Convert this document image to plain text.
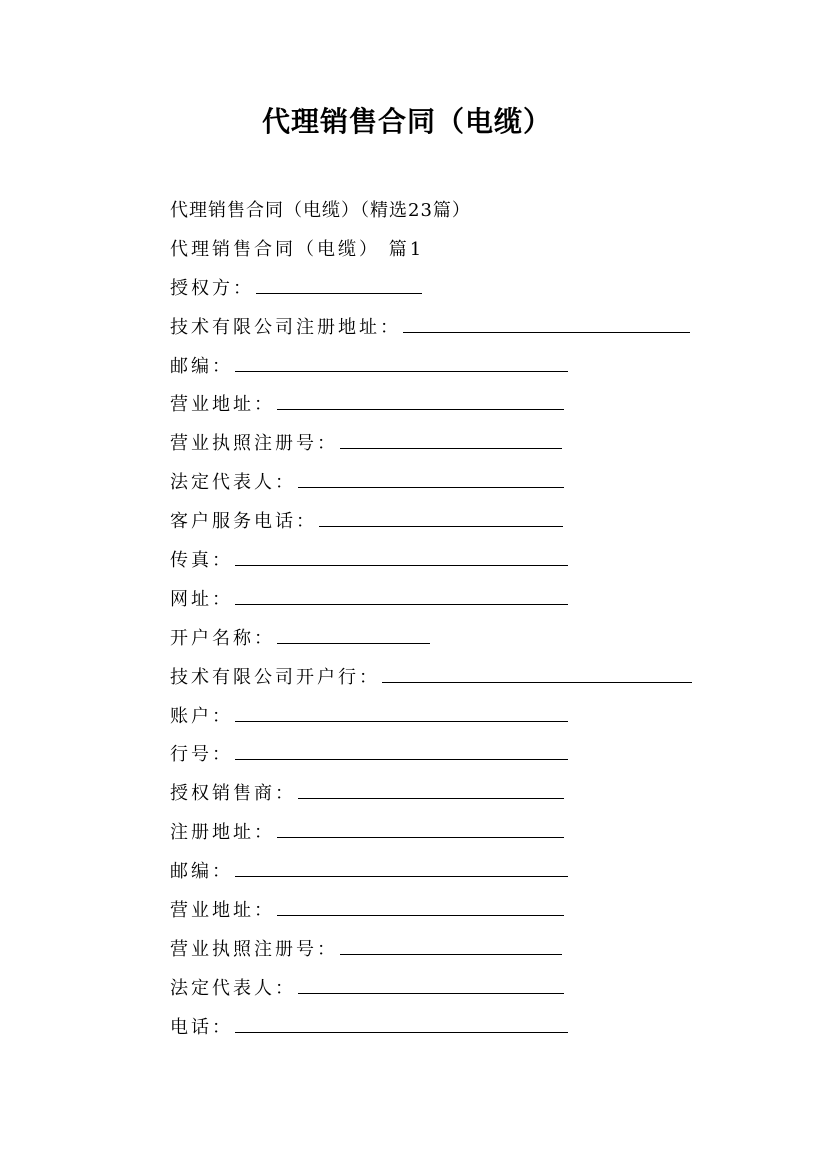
代理销售合同（电缆）
代理销售合同（电缆）（精选23篇）
代理销售合同（电缆） 篇1
授权方：
技术有限公司注册地址：
邮编：
营业地址：
营业执照注册号：
法定代表人：
客户服务电话：
传真：
网址：
开户名称：
技术有限公司开户行：
账户：
行号：
授权销售商：
注册地址：
邮编：
营业地址：
营业执照注册号：
法定代表人：
电话：
